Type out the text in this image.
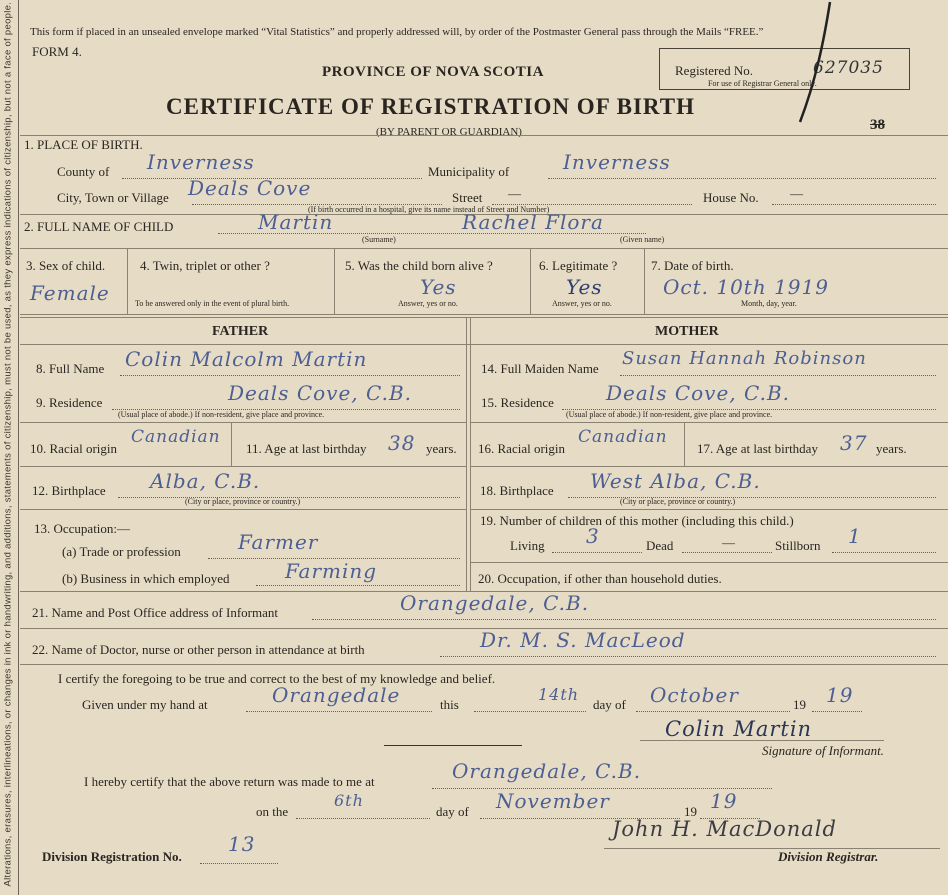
Alterations, erasures, interlineations, or changes in ink or handwriting, and additions, statements of citizenship, must not be used, as they express indications of citizenship, but not a face of people. This form if placed in an unsealed envelope marked “Vital Statistics” and properly addressed will, by order of the Postmaster General pass through the Mails “FREE.”
FORM 4.
PROVINCE OF NOVA SCOTIA
CERTIFICATE OF REGISTRATION OF BIRTH
(BY PARENT OR GUARDIAN)
Registered No.	627035
For use of Registrar General only.
38
1. PLACE OF BIRTH.
County of Inverness	Municipality of	Inverness
City, Town or Village Deals Cove	Street —	House No. —
(If birth occurred in a hospital, give its name instead of Street and Number)
2. FULL NAME OF CHILD	Martin	Rachel Flora
(Surname)	(Given name)
3. Sex of child.
Female
4. Twin, triplet or other ?
To be answered only in the event of plural birth.
5. Was the child born alive ?
Yes
Answer, yes or no.
6. Legitimate ?
Yes
Answer, yes or no.
7. Date of birth.
Oct. 10th 1919
Month, day, year.
FATHER	MOTHER
8. Full Name Colin Malcolm Martin
9. Residence	Deals Cove, C.B.
(Usual place of abode.) If non-resident, give place and province.
10. Racial origin
Canadian
11. Age at last birthday 38 years.
12. Birthplace Alba, C.B.
(City or place, province or country.)
13. Occupation:—
(a) Trade or profession	Farmer
(b) Business in which employed	Farming
14. Full Maiden Name Susan Hannah Robinson
15. Residence	Deals Cove, C.B.
(Usual place of abode.) If non-resident, give place and province.
16. Racial origin
Canadian
17. Age at last birthday 37 years.
18. Birthplace West Alba, C.B.
(City or place, province or country.)
19. Number of children of this mother (including this child.)
Living 3	Dead	—	Stillborn 1
20. Occupation, if other than household duties.
21. Name and Post Office address of Informant	Orangedale, C.B.
22. Name of Doctor, nurse or other person in attendance at birth	Dr. M. S. MacLeod
I certify the foregoing to be true and correct to the best of my knowledge and belief.
Given under my hand at	Orangedale	this
14th
day of October	19 19
Colin Martin
Signature of Informant.
I hereby certify that the above return was made to me at	Orangedale, C.B.
on the
6th
day of November	19 19
John H. MacDonald
Division Registrar.
Division Registration No.
13
